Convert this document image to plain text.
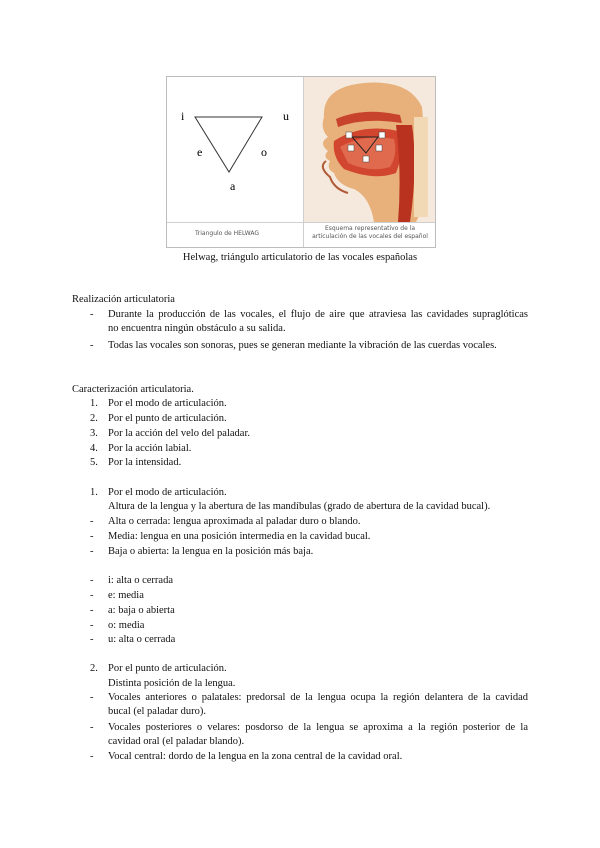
i	u
e	o
a
Triangulo de HELWAG
Esquema representativo de la
articulación de las vocales del español
Helwag, triángulo articulatorio de las vocales españolas
Realización articulatoria
- Durante la producción de las vocales, el flujo de aire que atraviesa las cavidades supraglóticas
no encuentra ningún obstáculo a su salida.
- Todas las vocales son sonoras, pues se generan mediante la vibración de las cuerdas vocales.
Caracterización articulatoria.
1. Por el modo de articulación.
2. Por el punto de articulación.
3. Por la acción del velo del paladar.
4. Por la acción labial.
5. Por la intensidad.
1. Por el modo de articulación.
Altura de la lengua y la abertura de las mandíbulas (grado de abertura de la cavidad bucal).
- Alta o cerrada: lengua aproximada al paladar duro o blando.
- Media: lengua en una posición intermedia en la cavidad bucal.
- Baja o abierta: la lengua en la posición más baja.
- i: alta o cerrada
- e: media
- a: baja o abierta
- o: media
- u: alta o cerrada
2. Por el punto de articulación.
Distinta posición de la lengua.
- Vocales anteriores o palatales: predorsal de la lengua ocupa la región delantera de la cavidad
bucal (el paladar duro).
- Vocales posteriores o velares: posdorso de la lengua se aproxima a la región posterior de la
cavidad oral (el paladar blando).
- Vocal central: dordo de la lengua en la zona central de la cavidad oral.
